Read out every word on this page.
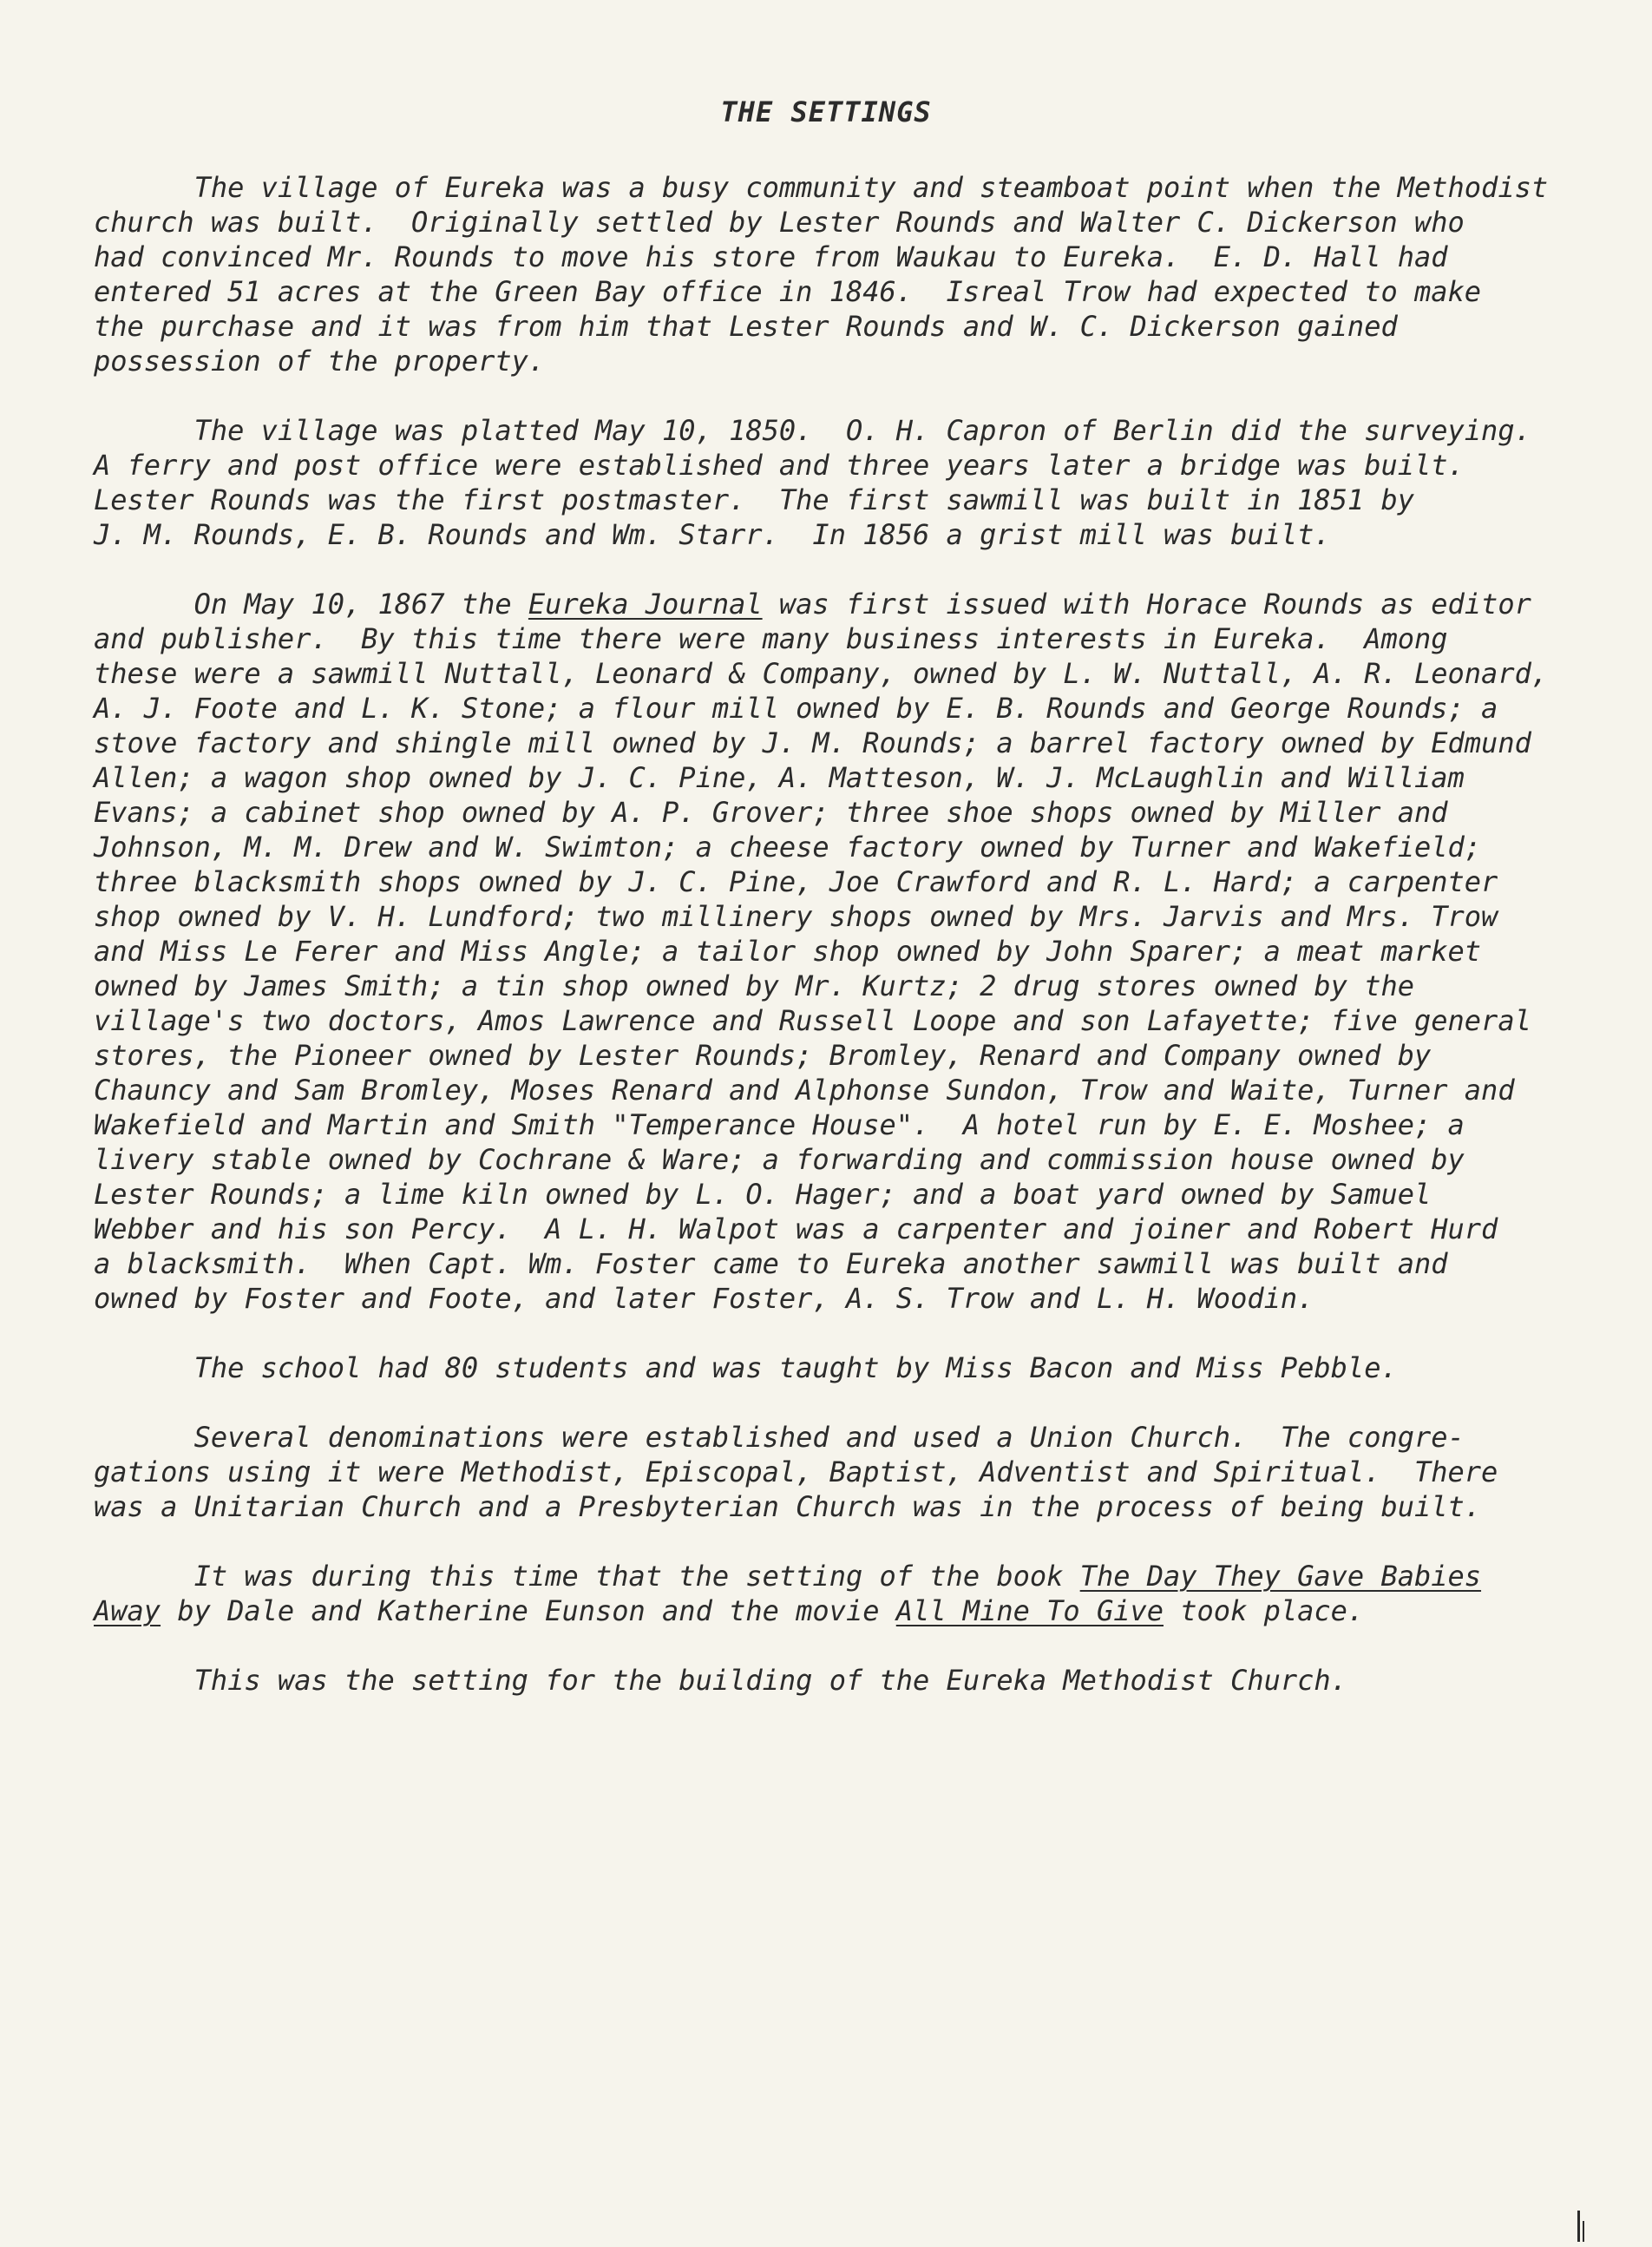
THE SETTINGS
The village of Eureka was a busy community and steamboat point when the Methodist
church was built.  Originally settled by Lester Rounds and Walter C. Dickerson who
had convinced Mr. Rounds to move his store from Waukau to Eureka.  E. D. Hall had
entered 51 acres at the Green Bay office in 1846.  Isreal Trow had expected to make
the purchase and it was from him that Lester Rounds and W. C. Dickerson gained
possession of the property.
The village was platted May 10, 1850.  O. H. Capron of Berlin did the surveying.
A ferry and post office were established and three years later a bridge was built.
Lester Rounds was the first postmaster.  The first sawmill was built in 1851 by
J. M. Rounds, E. B. Rounds and Wm. Starr.  In 1856 a grist mill was built.
On May 10, 1867 the Eureka Journal was first issued with Horace Rounds as editor
and publisher.  By this time there were many business interests in Eureka.  Among
these were a sawmill Nuttall, Leonard & Company, owned by L. W. Nuttall, A. R. Leonard,
A. J. Foote and L. K. Stone; a flour mill owned by E. B. Rounds and George Rounds; a
stove factory and shingle mill owned by J. M. Rounds; a barrel factory owned by Edmund
Allen; a wagon shop owned by J. C. Pine, A. Matteson, W. J. McLaughlin and William
Evans; a cabinet shop owned by A. P. Grover; three shoe shops owned by Miller and
Johnson, M. M. Drew and W. Swimton; a cheese factory owned by Turner and Wakefield;
three blacksmith shops owned by J. C. Pine, Joe Crawford and R. L. Hard; a carpenter
shop owned by V. H. Lundford; two millinery shops owned by Mrs. Jarvis and Mrs. Trow
and Miss Le Ferer and Miss Angle; a tailor shop owned by John Sparer; a meat market
owned by James Smith; a tin shop owned by Mr. Kurtz; 2 drug stores owned by the
village's two doctors, Amos Lawrence and Russell Loope and son Lafayette; five general
stores, the Pioneer owned by Lester Rounds; Bromley, Renard and Company owned by
Chauncy and Sam Bromley, Moses Renard and Alphonse Sundon, Trow and Waite, Turner and
Wakefield and Martin and Smith "Temperance House".  A hotel run by E. E. Moshee; a
livery stable owned by Cochrane & Ware; a forwarding and commission house owned by
Lester Rounds; a lime kiln owned by L. O. Hager; and a boat yard owned by Samuel
Webber and his son Percy.  A L. H. Walpot was a carpenter and joiner and Robert Hurd
a blacksmith.  When Capt. Wm. Foster came to Eureka another sawmill was built and
owned by Foster and Foote, and later Foster, A. S. Trow and L. H. Woodin.
The school had 80 students and was taught by Miss Bacon and Miss Pebble.
Several denominations were established and used a Union Church.  The congre-
gations using it were Methodist, Episcopal, Baptist, Adventist and Spiritual.  There
was a Unitarian Church and a Presbyterian Church was in the process of being built.
It was during this time that the setting of the book The Day They Gave Babies
Away by Dale and Katherine Eunson and the movie All Mine To Give took place.
This was the setting for the building of the Eureka Methodist Church.
